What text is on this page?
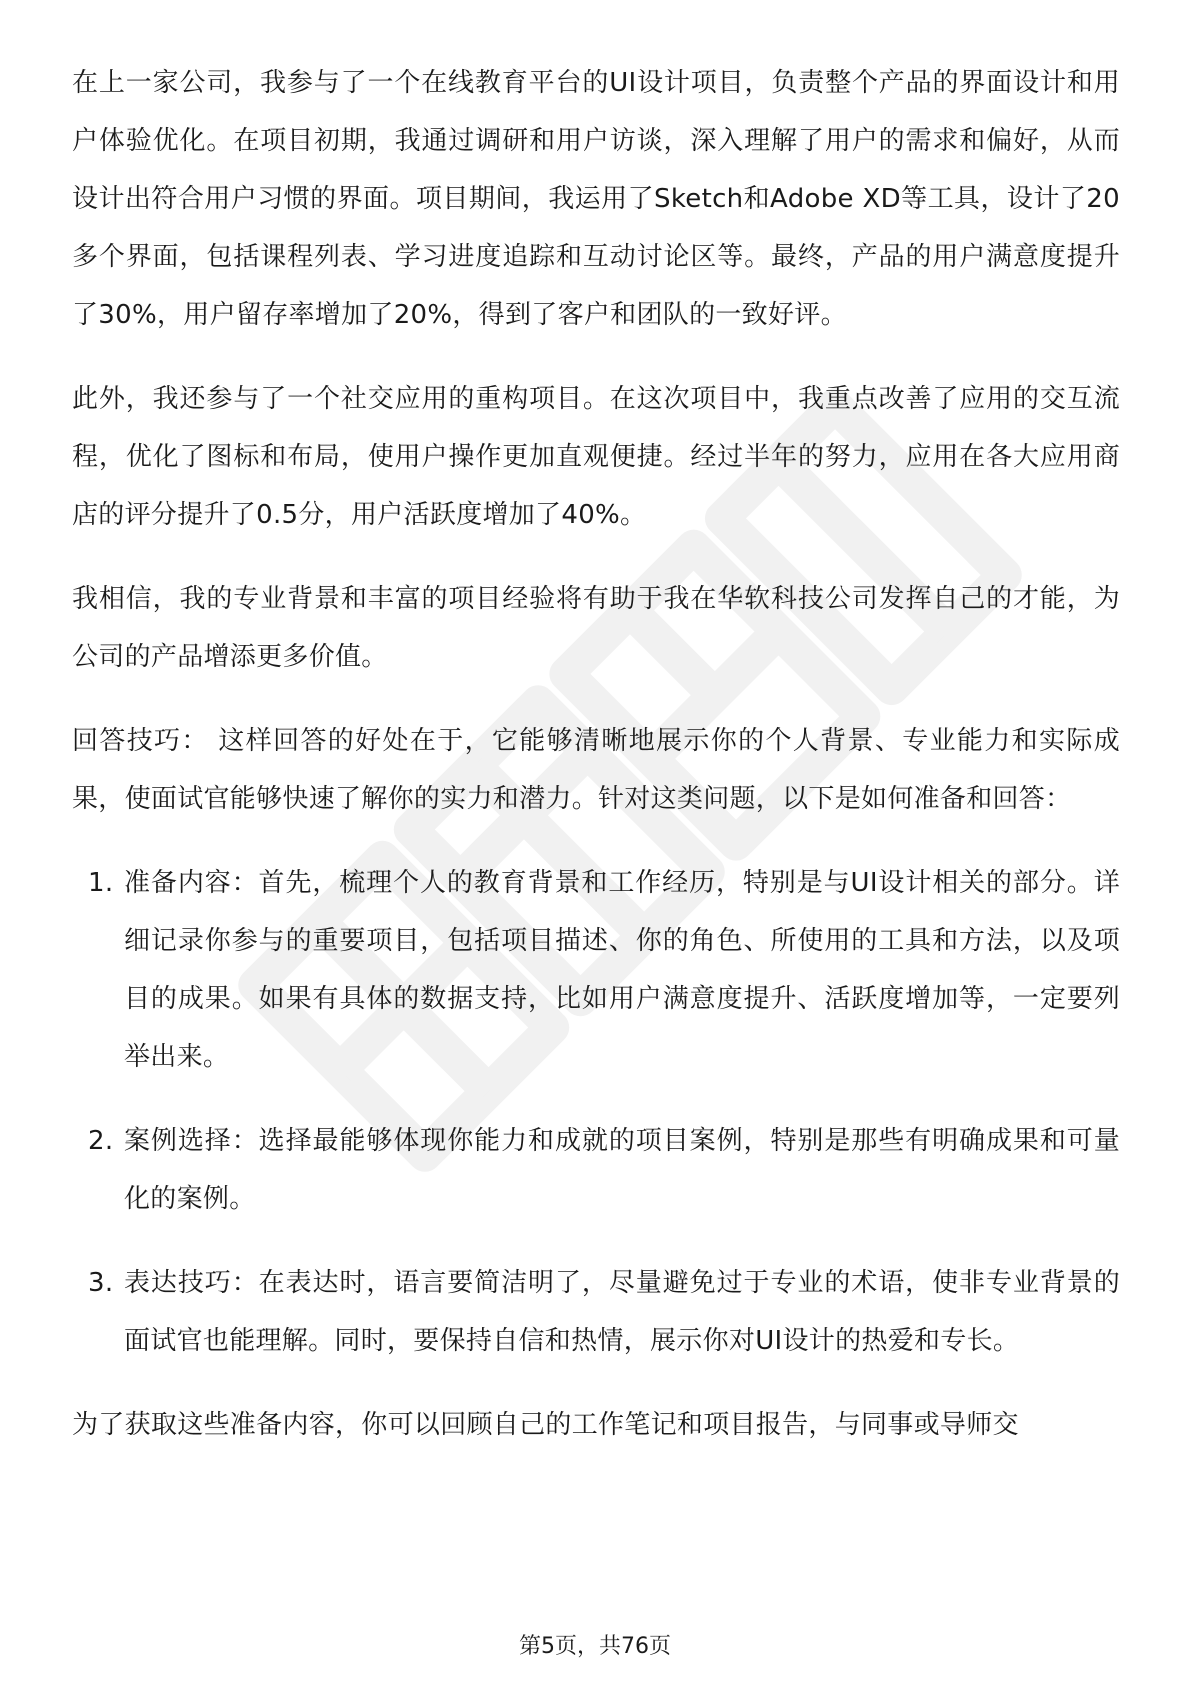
在上一家公司，我参与了一个在线教育平台的UI设计项目，负责整个产品的界面设计和用户体验优化。在项目初期，我通过调研和用户访谈，深入理解了用户的需求和偏好，从而设计出符合用户习惯的界面。项目期间，我运用了Sketch和Adobe XD等工具，设计了20多个界面，包括课程列表、学习进度追踪和互动讨论区等。最终，产品的用户满意度提升了30%，用户留存率增加了20%，得到了客户和团队的一致好评。

此外，我还参与了一个社交应用的重构项目。在这次项目中，我重点改善了应用的交互流程，优化了图标和布局，使用户操作更加直观便捷。经过半年的努力，应用在各大应用商店的评分提升了0.5分，用户活跃度增加了40%。

我相信，我的专业背景和丰富的项目经验将有助于我在华软科技公司发挥自己的才能，为公司的产品增添更多价值。

回答技巧： 这样回答的好处在于，它能够清晰地展示你的个人背景、专业能力和实际成果，使面试官能够快速了解你的实力和潜力。针对这类问题，以下是如何准备和回答：

1. 准备内容：首先，梳理个人的教育背景和工作经历，特别是与UI设计相关的部分。详细记录你参与的重要项目，包括项目描述、你的角色、所使用的工具和方法，以及项目的成果。如果有具体的数据支持，比如用户满意度提升、活跃度增加等，一定要列举出来。
2. 案例选择：选择最能够体现你能力和成就的项目案例，特别是那些有明确成果和可量化的案例。
3. 表达技巧：在表达时，语言要简洁明了，尽量避免过于专业的术语，使非专业背景的面试官也能理解。同时，要保持自信和热情，展示你对UI设计的热爱和专长。

为了获取这些准备内容，你可以回顾自己的工作笔记和项目报告，与同事或导师交

第5页，共76页
